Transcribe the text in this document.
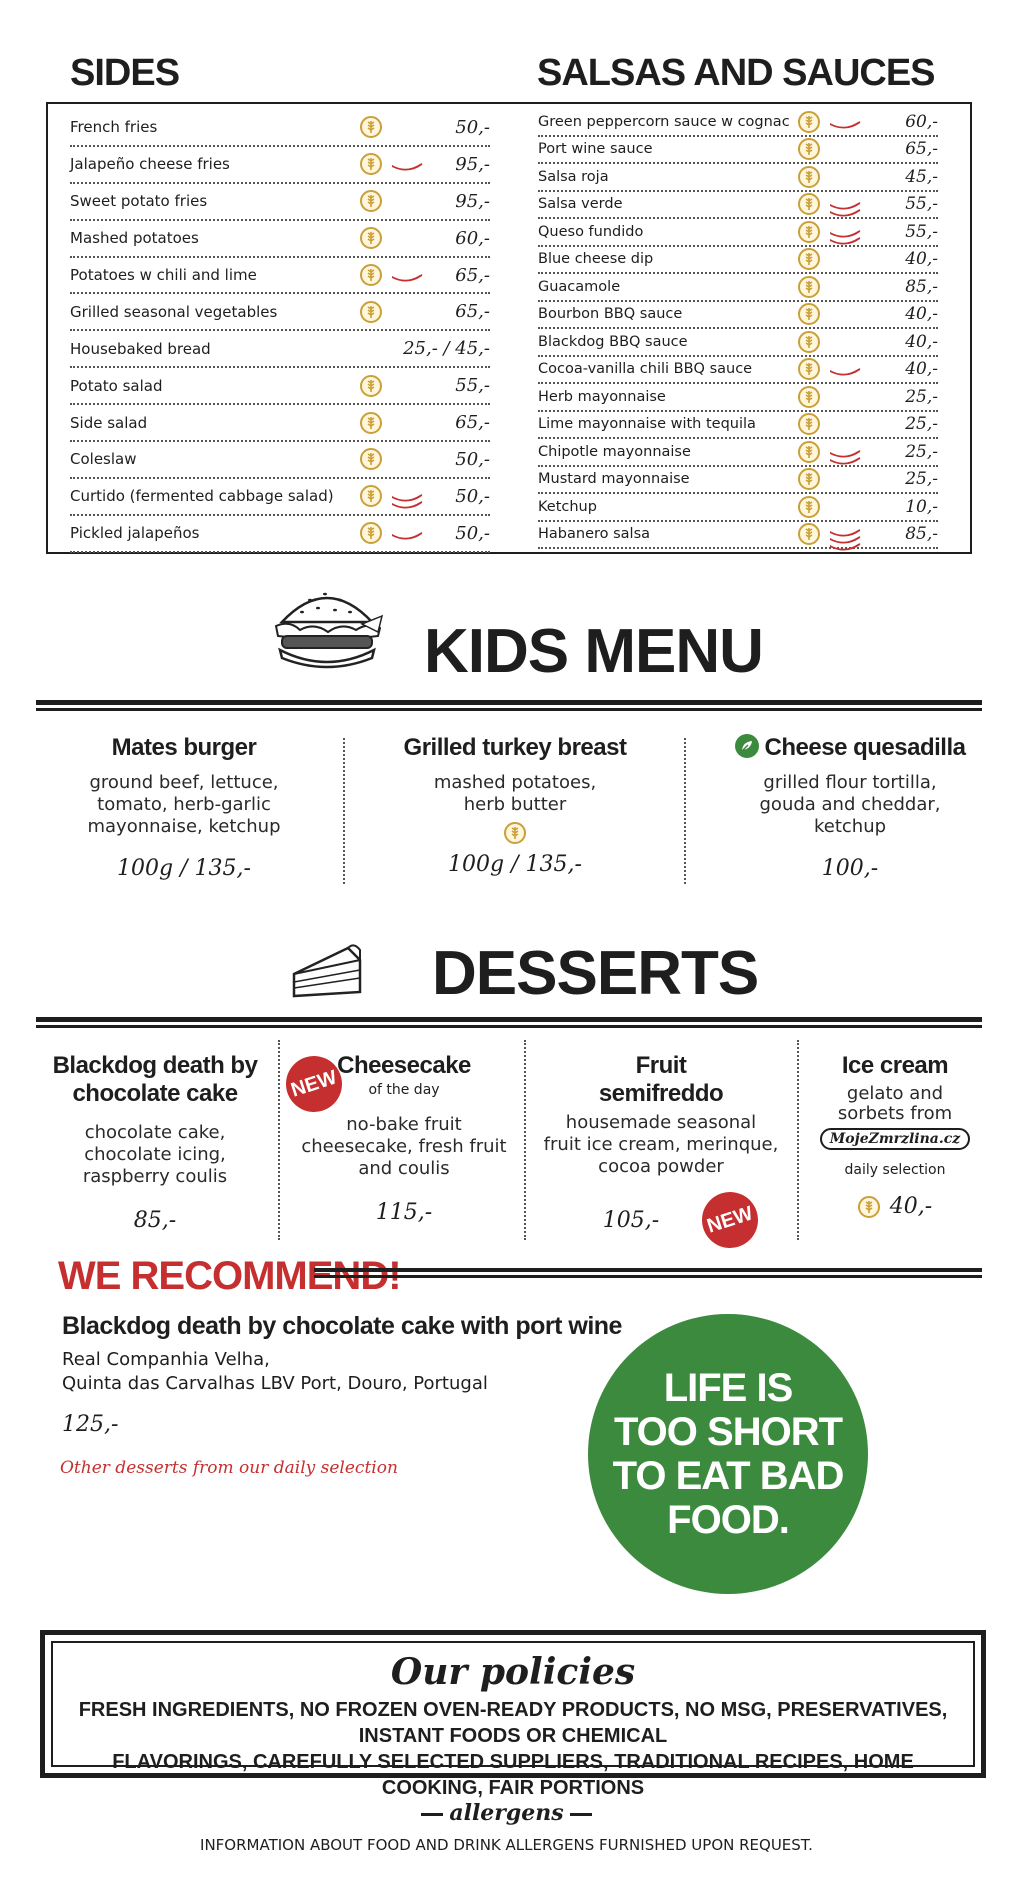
SIDES	SALSAS AND SAUCES
French fries	50,-
Jalapeño cheese fries	95,-
Sweet potato fries	95,-
Mashed potatoes	60,-
Potatoes w chili and lime	65,-
Grilled seasonal vegetables	65,-
Housebaked bread	25,- / 45,-
Potato salad	55,-
Side salad	65,-
Coleslaw	50,-
Curtido (fermented cabbage salad)	50,-
Pickled jalapeños	50,-
Green peppercorn sauce w cognac	60,-
Port wine sauce	65,-
Salsa roja	45,-
Salsa verde	55,-
Queso fundido	55,-
Blue cheese dip	40,-
Guacamole	85,-
Bourbon BBQ sauce	40,-
Blackdog BBQ sauce	40,-
Cocoa-vanilla chili BBQ sauce	40,-
Herb mayonnaise	25,-
Lime mayonnaise with tequila	25,-
Chipotle mayonnaise	25,-
Mustard mayonnaise	25,-
Ketchup	10,-
Habanero salsa	85,-
KIDS MENU
Mates burger
ground beef, lettuce,
tomato, herb-garlic
mayonnaise, ketchup
100g / 135,-
Grilled turkey breast
mashed potatoes,
herb butter
100g / 135,-
Cheese quesadilla
grilled flour tortilla,
gouda and cheddar,
ketchup
100,-
DESSERTS
Blackdog death by
chocolate cake
chocolate cake,
chocolate icing,
raspberry coulis
85,-
NEW
Cheesecake
of the day
no-bake fruit
cheesecake, fresh fruit
and coulis
115,-
Fruit
semifreddo
housemade seasonal
fruit ice cream, merinque,
cocoa powder
105,-	NEW
Ice cream
gelato and
sorbets from
MojeZmrzlina.cz
daily selection
40,-
WE RECOMMEND!
Blackdog death by chocolate cake with port wine
Real Companhia Velha,
Quinta das Carvalhas LBV Port, Douro, Portugal
125,-
Other desserts from our daily selection
LIFE IS
TOO SHORT
TO EAT BAD
FOOD.
Our policies
FRESH INGREDIENTS, NO FROZEN OVEN-READY PRODUCTS, NO MSG, PRESERVATIVES, INSTANT FOODS OR CHEMICAL
FLAVORINGS, CAREFULLY SELECTED SUPPLIERS, TRADITIONAL RECIPES, HOME COOKING, FAIR PORTIONS
allergens
INFORMATION ABOUT FOOD AND DRINK ALLERGENS FURNISHED UPON REQUEST.
